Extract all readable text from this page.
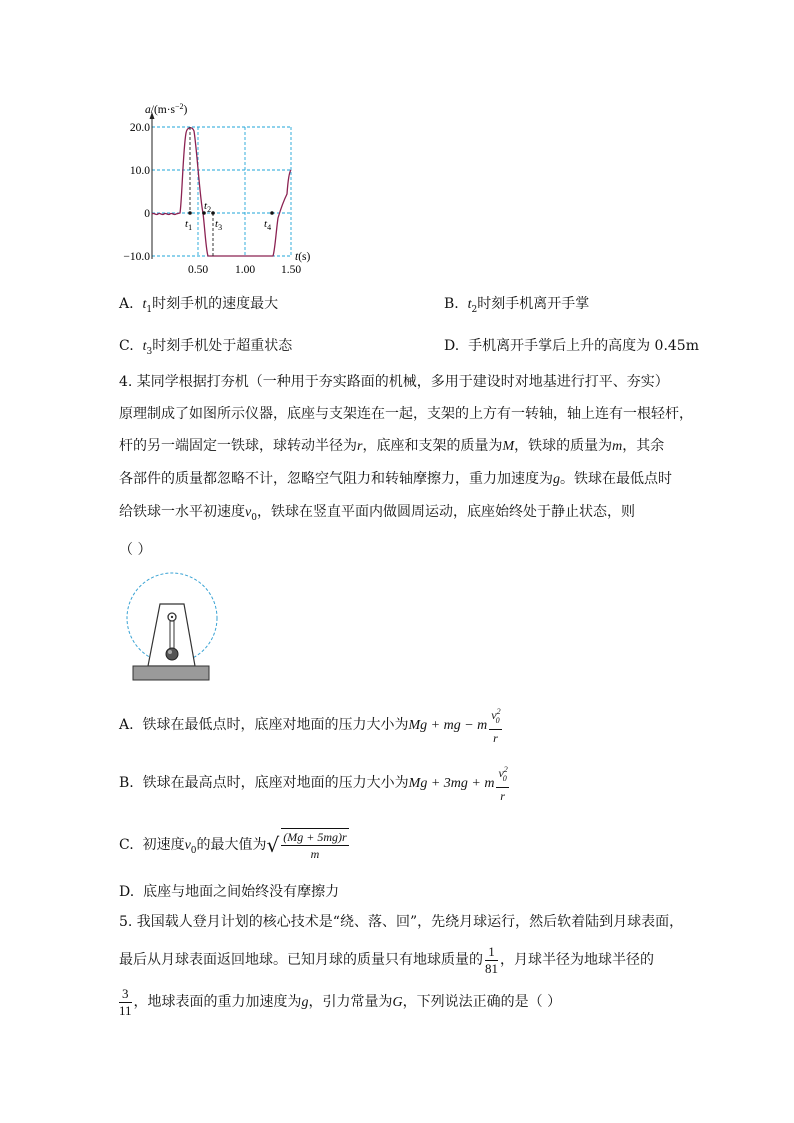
20.0
10.0
0
−10.0
0.50 1.00 1.50
$a/(m\cdot s^{-2})$
t(s)
$t_1$
$t_2$
$t_3$	$t_4$
A. $t_1$时刻手机的速度最大	B. $t_2$时刻手机离开手掌
C. $t_3$时刻手机处于超重状态	D. 手机离开手掌后上升的高度为 0.45m
4. 某同学根据打夯机（一种用于夯实路面的机械，多用于建设时对地基进行打平、夯实）
原理制成了如图所示仪器，底座与支架连在一起，支架的上方有一转轴，轴上连有一根轻杆，
杆的另一端固定一铁球，球转动半径为r，底座和支架的质量为M，铁球的质量为m，其余
各部件的质量都忽略不计，忽略空气阻力和转轴摩擦力，重力加速度为g。铁球在最低点时
给铁球一水平初速度$v_0$，铁球在竖直平面内做圆周运动，底座始终处于静止状态，则
（ ）
A. 铁球在最低点时，底座对地面的压力大小为Mg + mg − m $\frac{v^2_0}{r}$
B. 铁球在最高点时，底座对地面的压力大小为Mg + 3mg + m $\frac{v^2_0}{r}$
C. 初速度$v_0$的最大值为√ $\frac{(Mg + 5mg)r}{m}$
D. 底座与地面之间始终没有摩擦力
5. 我国载人登月计划的核心技术是“绕、落、回”，先绕月球运行，然后软着陆到月球表面，
最后从月球表面返回地球。已知月球的质量只有地球质量的 $\frac{1}{81}$ ，月球半径为地球半径的
$\frac{3}{11}$ ，地球表面的重力加速度为g，引力常量为G，下列说法正确的是（ ）
